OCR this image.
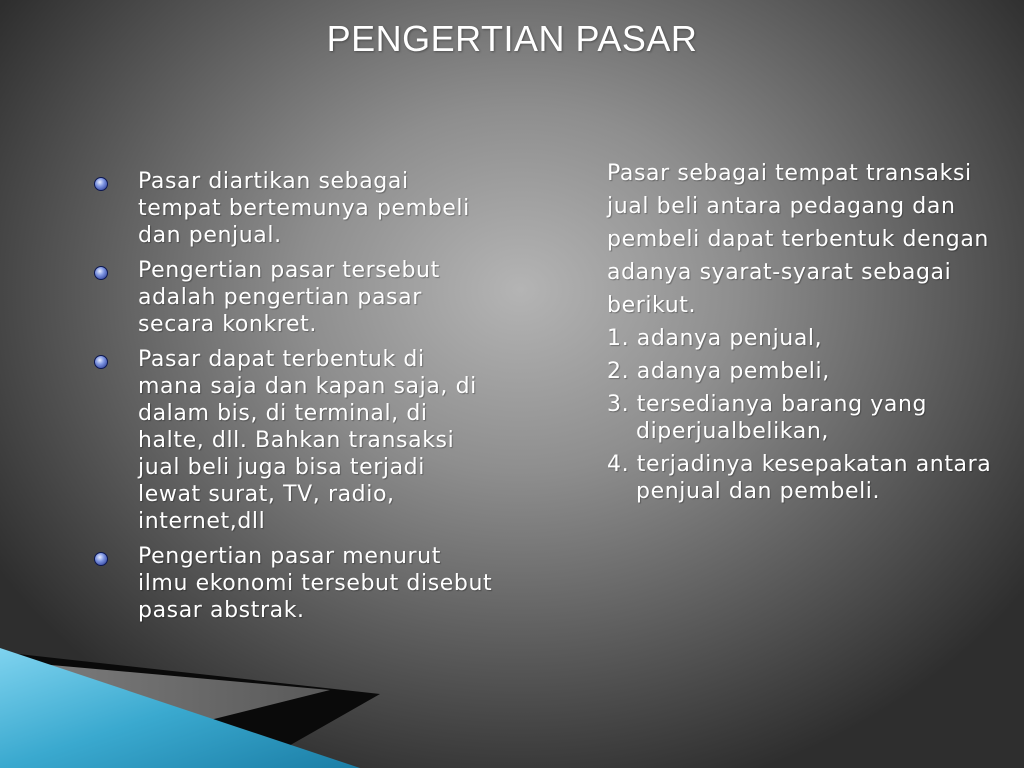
PENGERTIAN PASAR
Pasar diartikan sebagai tempat bertemunya pembeli dan penjual.
Pengertian pasar tersebut adalah pengertian pasar secara konkret.
Pasar dapat terbentuk di mana saja dan kapan saja, di dalam bis, di terminal, di halte, dll. Bahkan transaksi jual beli juga bisa terjadi lewat surat, TV, radio, internet,dll
Pengertian pasar menurut ilmu ekonomi tersebut disebut pasar abstrak.
Pasar sebagai tempat transaksi
jual beli antara pedagang dan
pembeli dapat terbentuk dengan
adanya syarat-syarat sebagai
berikut.
1. adanya penjual,
2. adanya pembeli,
3. tersedianya barang yang diperjualbelikan,
4. terjadinya kesepakatan antara penjual dan pembeli.
